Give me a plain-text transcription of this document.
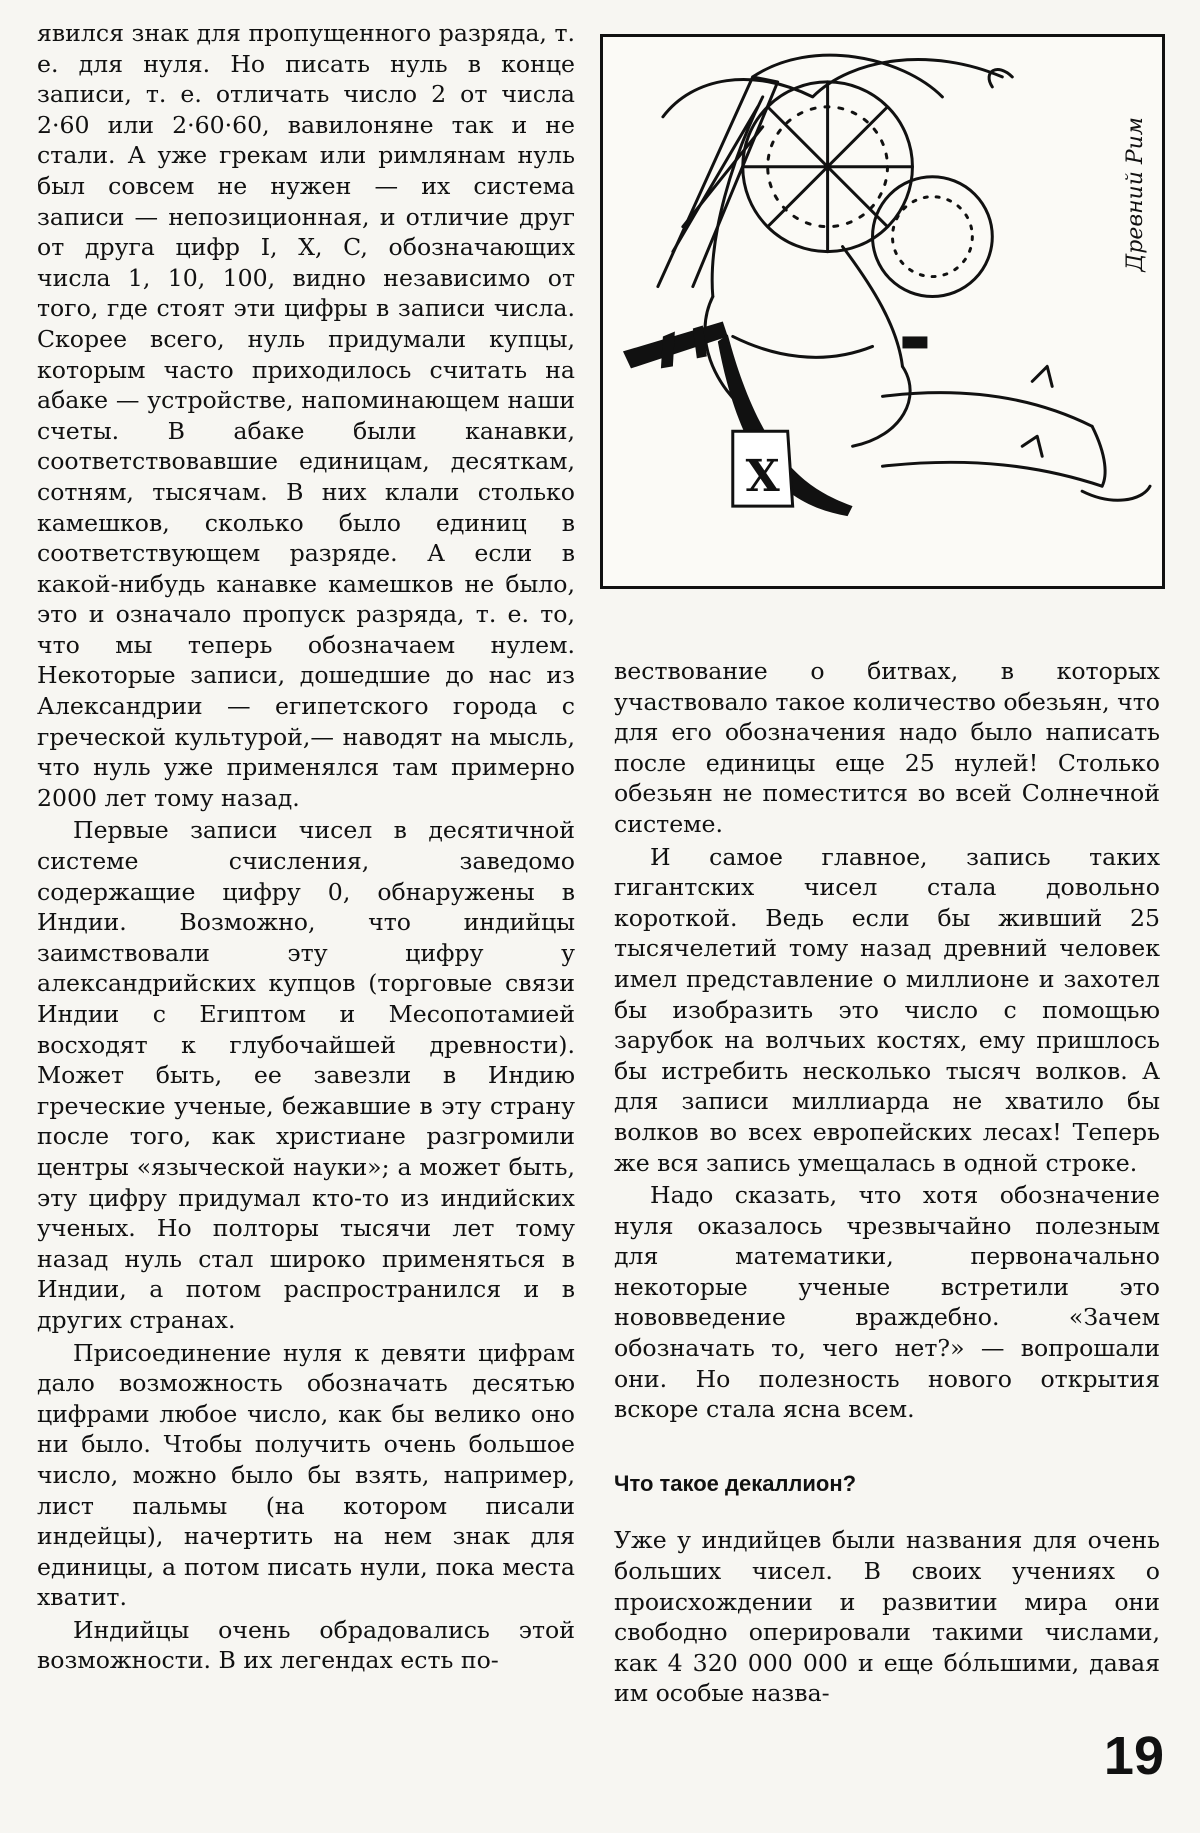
явился знак для пропущенного разряда, т. е. для нуля. Но писать нуль в конце записи, т. е. отличать число 2 от числа 2·60 или 2·60·60, вавилоняне так и не стали. А уже грекам или римлянам нуль был совсем не нужен — их система записи — непозиционная, и отличие друг от друга цифр I, X, C, обозначающих числа 1, 10, 100, видно независимо от того, где стоят эти цифры в записи числа. Скорее всего, нуль придумали купцы, которым часто приходилось считать на абаке — устройстве, напоминающем наши счеты. В абаке были канавки, соответствовавшие единицам, десяткам, сотням, тысячам. В них клали столько камешков, сколько было единиц в соответствующем разряде. А если в какой-нибудь канавке камешков не было, это и означало пропуск разряда, т. е. то, что мы теперь обозначаем нулем. Некоторые записи, дошедшие до нас из Александрии — египетского города с греческой культурой,— наводят на мысль, что нуль уже применялся там примерно 2000 лет тому назад.

Первые записи чисел в десятичной системе счисления, заведомо содержащие цифру 0, обнаружены в Индии. Возможно, что индийцы заимствовали эту цифру у александрийских купцов (торговые связи Индии с Египтом и Месопотамией восходят к глубочайшей древности). Может быть, ее завезли в Индию греческие ученые, бежавшие в эту страну после того, как христиане разгромили центры «языческой науки»; а может быть, эту цифру придумал кто-то из индийских ученых. Но полторы тысячи лет тому назад нуль стал широко применяться в Индии, а потом распространился и в других странах.

Присоединение нуля к девяти цифрам дало возможность обозначать десятью цифрами любое число, как бы велико оно ни было. Чтобы получить очень большое число, можно было бы взять, например, лист пальмы (на котором писали индейцы), начертить на нем знак для единицы, а потом писать нули, пока места хватит.

Индийцы очень обрадовались этой возможности. В их легендах есть по-

X
Древний Рим

вествование о битвах, в которых участвовало такое количество обезьян, что для его обозначения надо было написать после единицы еще 25 нулей! Столько обезьян не поместится во всей Солнечной системе.

И самое главное, запись таких гигантских чисел стала довольно короткой. Ведь если бы живший 25 тысячелетий тому назад древний человек имел представление о миллионе и захотел бы изобразить это число с помощью зарубок на волчьих костях, ему пришлось бы истребить несколько тысяч волков. А для записи миллиарда не хватило бы волков во всех европейских лесах! Теперь же вся запись умещалась в одной строке.

Надо сказать, что хотя обозначение нуля оказалось чрезвычайно полезным для математики, первоначально некоторые ученые встретили это нововведение враждебно. «Зачем обозначать то, чего нет?» — вопрошали они. Но полезность нового открытия вскоре стала ясна всем.

Что такое декаллион?

Уже у индийцев были названия для очень больших чисел. В своих учениях о происхождении и развитии мира они свободно оперировали такими числами, как 4 320 000 000 и еще бóльшими, давая им особые назва-

19
